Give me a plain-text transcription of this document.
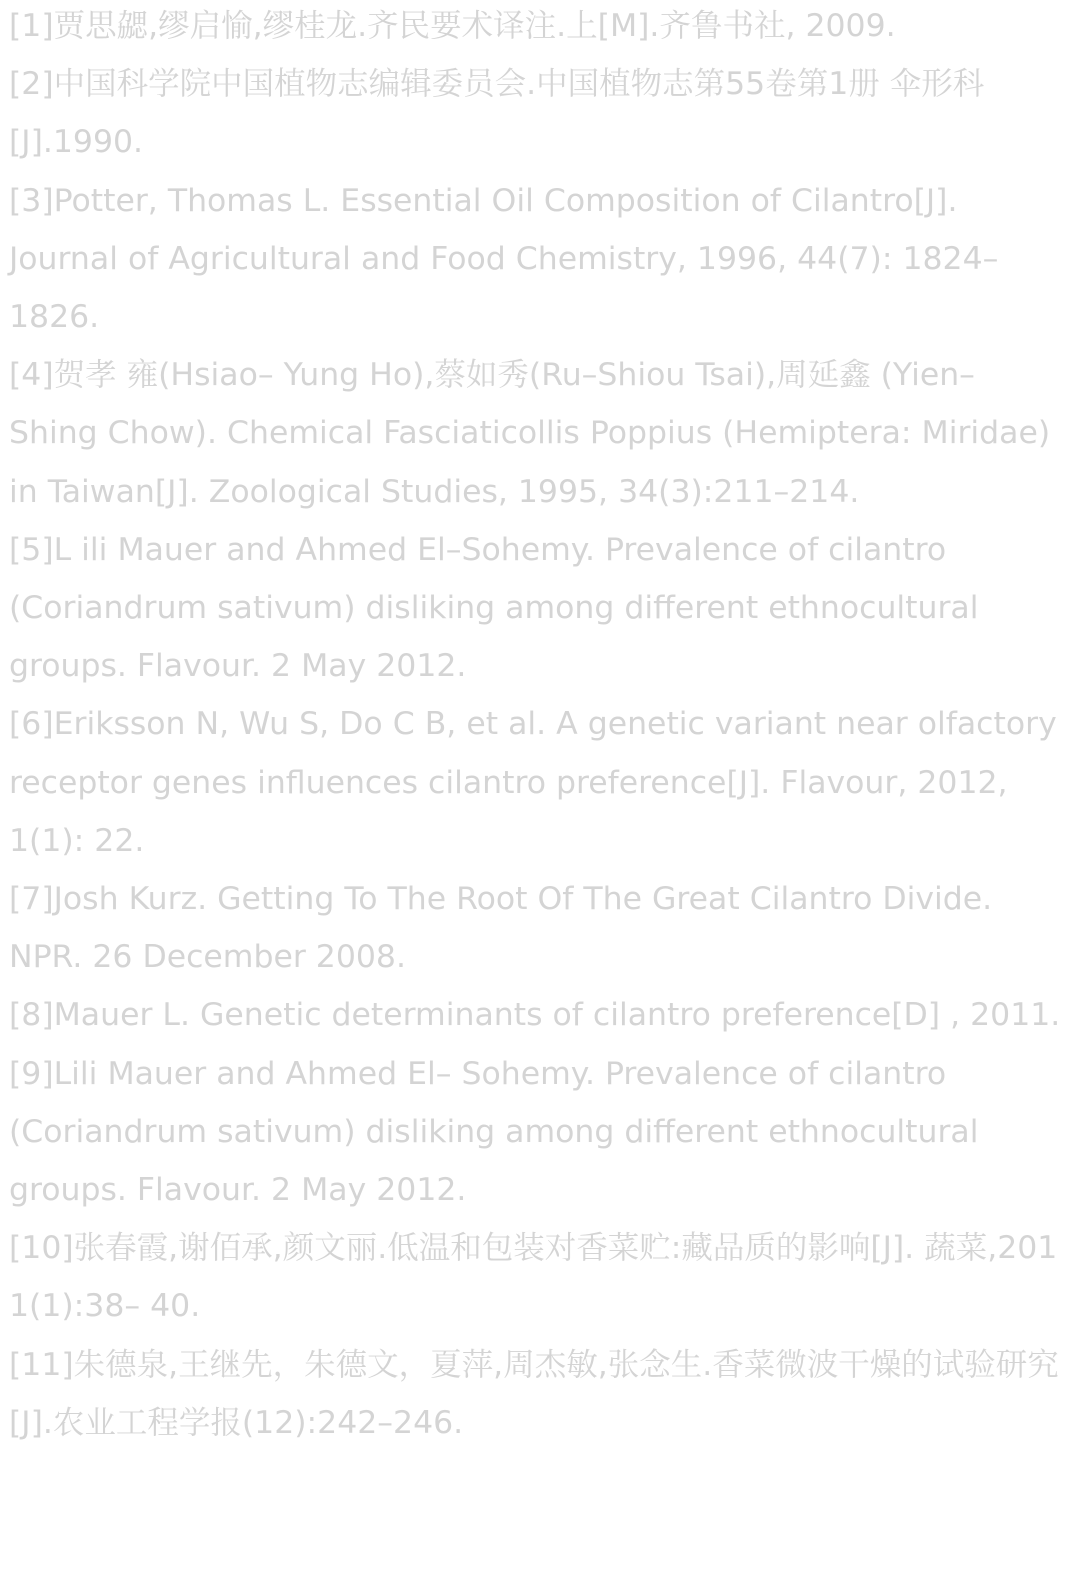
[1]贾思勰,缪启愉,缪桂龙.齐民要术译注.上[M].齐鲁书社, 2009.

[2]中国科学院中国植物志编辑委员会.中国植物志第55卷第1册 伞形科[J].1990.

[3]Potter, Thomas L. Essential Oil Composition of Cilantro[J]. Journal of Agricultural and Food Chemistry, 1996, 44(7): 1824–1826.

[4]贺孝 雍(Hsiao– Yung Ho),蔡如秀(Ru–Shiou Tsai),周延鑫 (Yien– Shing Chow). Chemical Fasciaticollis Poppius (Hemiptera: Miridae) in Taiwan[J]. Zoological Studies, 1995, 34(3):211–214.

[5]L ili Mauer and Ahmed El–Sohemy. Prevalence of cilantro (Coriandrum sativum) disliking among different ethnocultural groups. Flavour. 2 May 2012.

[6]Eriksson N, Wu S, Do C B, et al. A genetic variant near olfactory receptor genes influences cilantro preference[J]. Flavour, 2012, 1(1): 22.

[7]Josh Kurz. Getting To The Root Of The Great Cilantro Divide. NPR. 26 December 2008.

[8]Mauer L. Genetic determinants of cilantro preference[D] , 2011.

[9]Lili Mauer and Ahmed El– Sohemy. Prevalence of cilantro (Coriandrum sativum) disliking among different ethnocultural groups. Flavour. 2 May 2012.

[10]张春霞,谢佰承,颜文丽.低温和包装对香菜贮:藏品质的影响[J]. 蔬菜,201 1(1):38– 40.

[11]朱德泉,王继先，朱德文，夏萍,周杰敏,张念生.香菜微波干燥的试验研究[J].农业工程学报(12):242–246.
